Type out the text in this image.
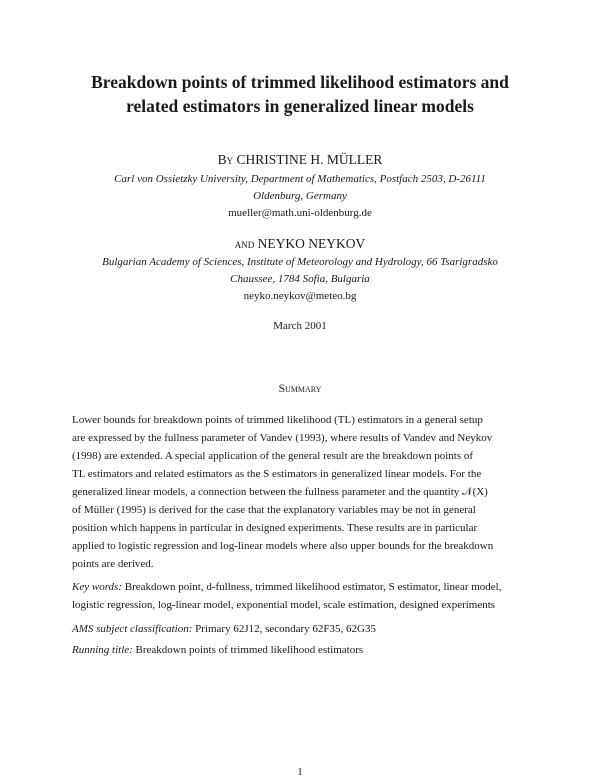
Breakdown points of trimmed likelihood estimators and
related estimators in generalized linear models
By CHRISTINE H. MÜLLER
Carl von Ossietzky University, Department of Mathematics, Postfach 2503, D-26111
Oldenburg, Germany
mueller@math.uni-oldenburg.de
and NEYKO NEYKOV
Bulgarian Academy of Sciences, Institute of Meteorology and Hydrology, 66 Tsarigradsko
Chaussee, 1784 Sofia, Bulgaria
neyko.neykov@meteo.bg
March 2001
Summary
Lower bounds for breakdown points of trimmed likelihood (TL) estimators in a general setup
are expressed by the fullness parameter of Vandev (1993), where results of Vandev and Neykov
(1998) are extended. A special application of the general result are the breakdown points of
TL estimators and related estimators as the S estimators in generalized linear models. For the
generalized linear models, a connection between the fullness parameter and the quantity 𝒩(X)
of Müller (1995) is derived for the case that the explanatory variables may be not in general
position which happens in particular in designed experiments. These results are in particular
applied to logistic regression and log-linear models where also upper bounds for the breakdown
points are derived.
Key words: Breakdown point, d-fullness, trimmed likelihood estimator, S estimator, linear model,
logistic regression, log-linear model, exponential model, scale estimation, designed experiments
AMS subject classification: Primary 62J12, secondary 62F35, 62G35
Running title: Breakdown points of trimmed likelihood estimators
1
